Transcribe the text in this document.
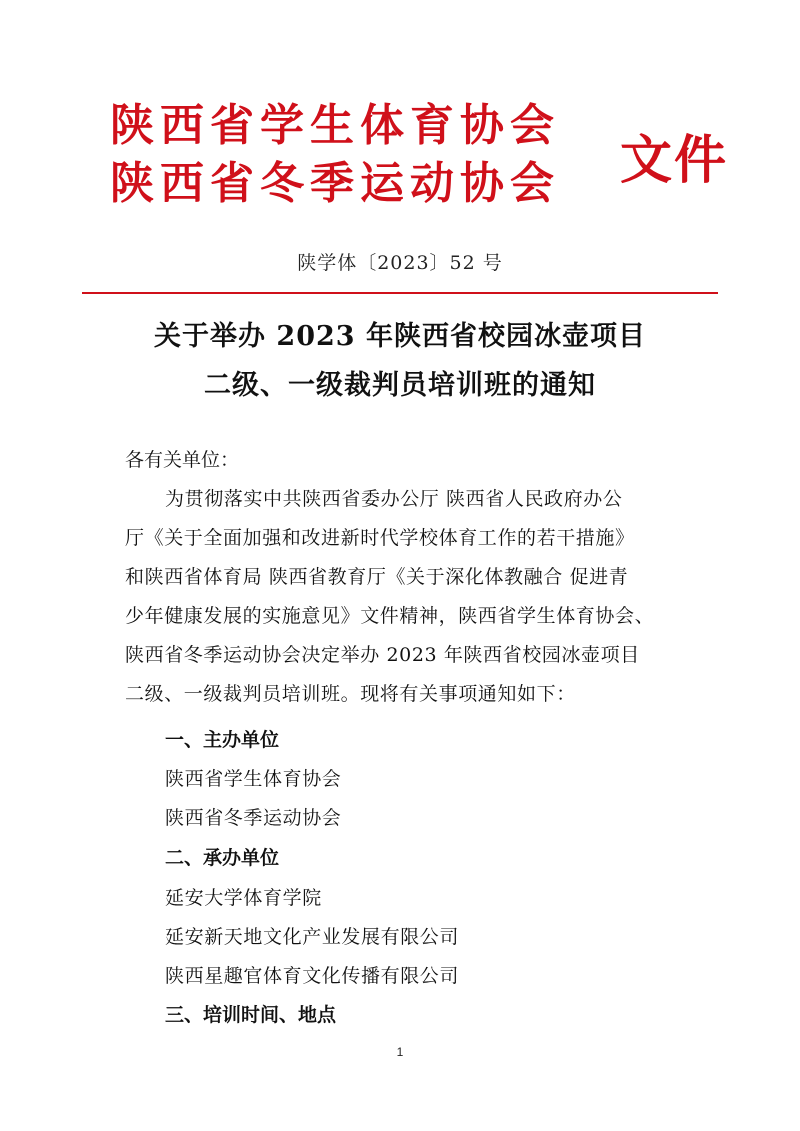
陕西省学生体育协会
陕西省冬季运动协会 文件
陕学体〔2023〕52 号
关于举办 2023 年陕西省校园冰壶项目
二级、一级裁判员培训班的通知
各有关单位：
为贯彻落实中共陕西省委办公厅 陕西省人民政府办公
厅《关于全面加强和改进新时代学校体育工作的若干措施》
和陕西省体育局 陕西省教育厅《关于深化体教融合 促进青
少年健康发展的实施意见》文件精神，陕西省学生体育协会、
陕西省冬季运动协会决定举办 2023 年陕西省校园冰壶项目
二级、一级裁判员培训班。现将有关事项通知如下：
一、主办单位
陕西省学生体育协会
陕西省冬季运动协会
二、承办单位
延安大学体育学院
延安新天地文化产业发展有限公司
陕西星趣官体育文化传播有限公司
三、培训时间、地点
1
